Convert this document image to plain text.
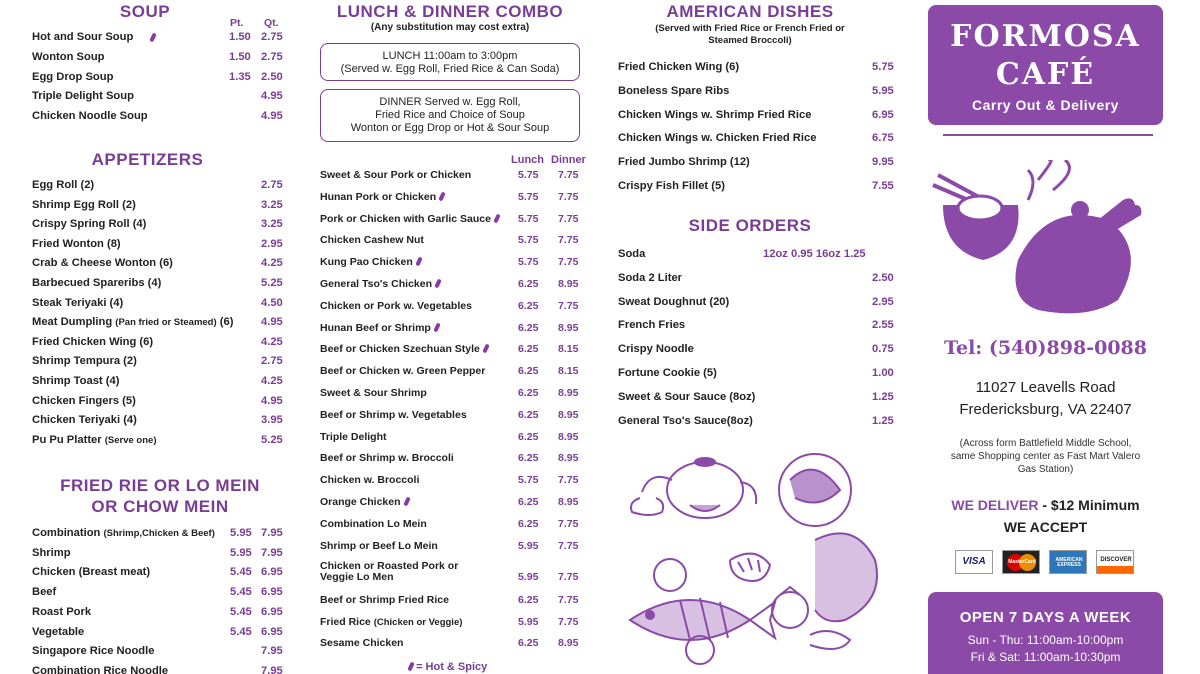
SOUP
Pt. Qt.
Hot and Sour Soup	1.50 2.75
Wonton Soup	1.50 2.75
Egg Drop Soup	1.35 2.50
Triple Delight Soup	4.95
Chicken Noodle Soup	4.95
APPETIZERS
Egg Roll (2)	2.75
Shrimp Egg Roll (2)	3.25
Crispy Spring Roll (4)	3.25
Fried Wonton (8)	2.95
Crab & Cheese Wonton (6)	4.25
Barbecued Spareribs (4)	5.25
Steak Teriyaki (4)	4.50
Meat Dumpling (Pan fried or Steamed) (6) 4.95
Fried Chicken Wing (6)	4.25
Shrimp Tempura (2)	2.75
Shrimp Toast (4)	4.25
Chicken Fingers (5)	4.95
Chicken Teriyaki (4)	3.95
Pu Pu Platter (Serve one)	5.25
FRIED RIE OR LO MEIN
OR CHOW MEIN
Combination (Shrimp,Chicken & Beef) 5.95 7.95
Shrimp	5.95 7.95
Chicken (Breast meat)	5.45 6.95
Beef	5.45 6.95
Roast Pork	5.45 6.95
Vegetable	5.45 6.95
Singapore Rice Noodle	7.95
Combination Rice Noodle	7.95
LUNCH & DINNER COMBO
(Any substitution may cost extra)
LUNCH 11:00am to 3:00pm
(Served w. Egg Roll, Fried Rice & Can Soda)
DINNER Served w. Egg Roll,
Fried Rice and Choice of Soup
Wonton or Egg Drop or Hot & Sour Soup
Lunch Dinner
Sweet & Sour Pork or Chicken	5.75 7.75
Hunan Pork or Chicken	5.75 7.75
Pork or Chicken with Garlic Sauce	5.75 7.75
Chicken Cashew Nut	5.75 7.75
Kung Pao Chicken	5.75 7.75
General Tso's Chicken	6.25 8.95
Chicken or Pork w. Vegetables	6.25 7.75
Hunan Beef or Shrimp	6.25 8.95
Beef or Chicken Szechuan Style	6.25 8.15
Beef or Chicken w. Green Pepper	6.25 8.15
Sweet & Sour Shrimp	6.25 8.95
Beef or Shrimp w. Vegetables	6.25 8.95
Triple Delight	6.25 8.95
Beef or Shrimp w. Broccoli	6.25 8.95
Chicken w. Broccoli	5.75 7.75
Orange Chicken	6.25 8.95
Combination Lo Mein	6.25 7.75
Shrimp or Beef Lo Mein	5.95 7.75
Chicken or Roasted Pork or
Veggie Lo Men	5.95 7.75
Beef or Shrimp Fried Rice	6.25 7.75
Fried Rice (Chicken or Veggie)	5.95 7.75
Sesame Chicken	6.25 8.95
= Hot & Spicy
AMERICAN DISHES
(Served with Fried Rice or French Fried or
Steamed Broccoli)
Fried Chicken Wing (6)	5.75
Boneless Spare Ribs	5.95
Chicken Wings w. Shrimp Fried Rice	6.95
Chicken Wings w. Chicken Fried Rice	6.75
Fried Jumbo Shrimp (12)	9.95
Crispy Fish Fillet (5)	7.55
SIDE ORDERS
Soda	12oz 0.95 16oz 1.25
Soda 2 Liter	2.50
Sweat Doughnut (20)	2.95
French Fries	2.55
Crispy Noodle	0.75
Fortune Cookie (5)	1.00
Sweet & Sour Sauce (8oz)	1.25
General Tso's Sauce(8oz)	1.25
FORMOSA
CAFÉ
Carry Out & Delivery
Tel: (540)898-0088
11027 Leavells Road
Fredericksburg, VA 22407
(Across form Battlefield Middle School,
same Shopping center as Fast Mart Valero
Gas Station)
WE DELIVER - $12 Minimum
WE ACCEPT
VISA	MasterCard	AMERICAN EXPRESS
DISCOVER
OPEN 7 DAYS A WEEK
Sun - Thu: 11:00am-10:00pm
Fri & Sat: 11:00am-10:30pm
